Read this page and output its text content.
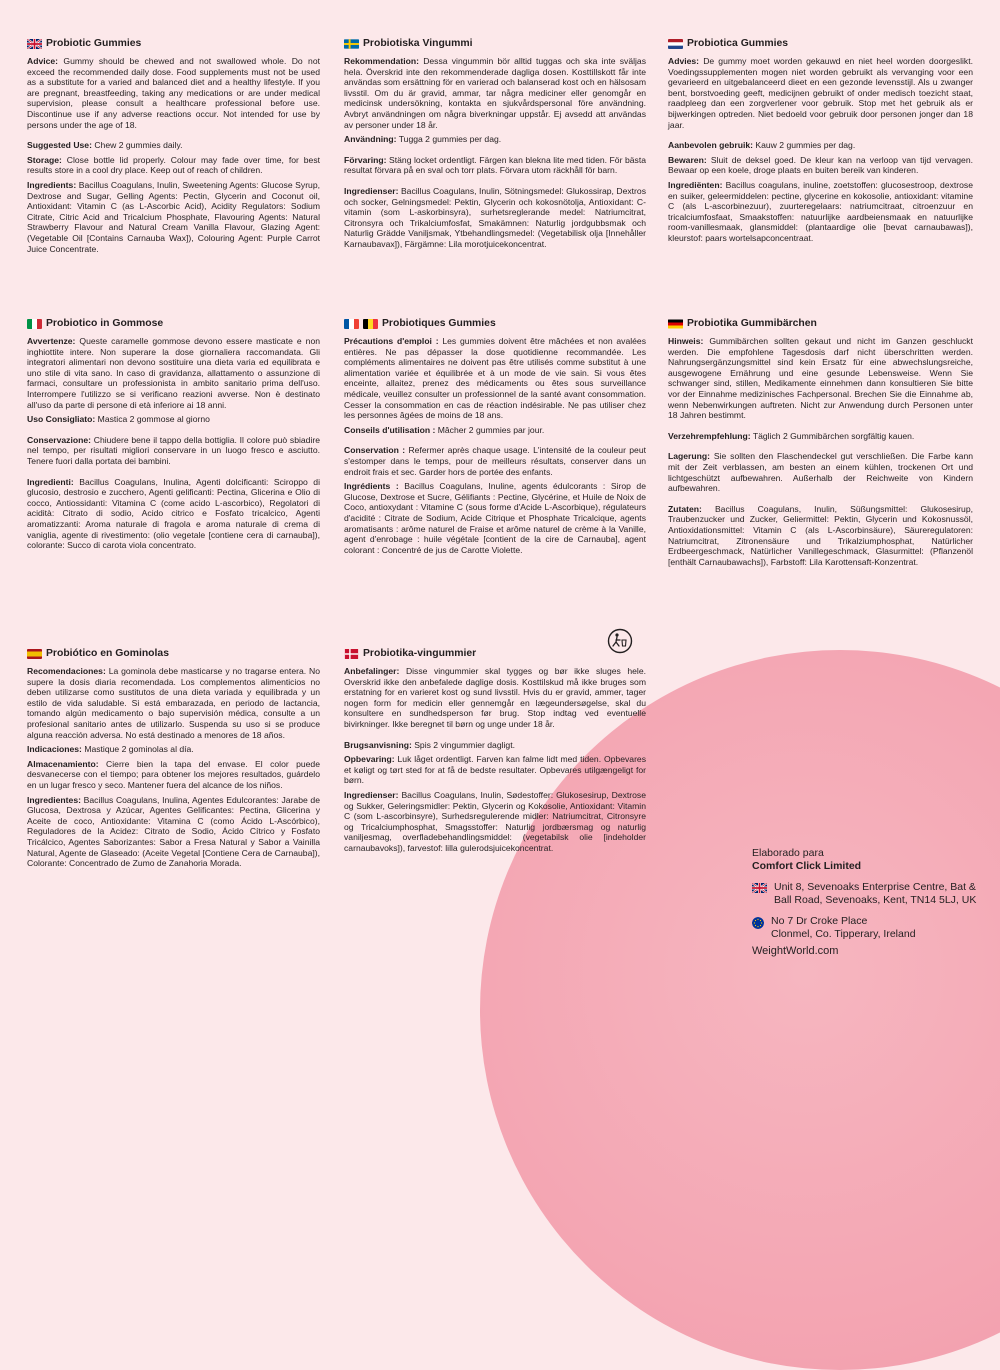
Probiotic Gummies

Advice: Gummy should be chewed and not swallowed whole. Do not exceed the recommended daily dose. Food supplements must not be used as a substitute for a varied and balanced diet and a healthy lifestyle. If you are pregnant, breastfeeding, taking any medications or are under medical supervision, please consult a healthcare professional before use. Discontinue use if any adverse reactions occur. Not intended for use by persons under the age of 18.

Suggested Use: Chew 2 gummies daily.

Storage: Close bottle lid properly. Colour may fade over time, for best results store in a cool dry place. Keep out of reach of children.

Ingredients: Bacillus Coagulans, Inulin, Sweetening Agents: Glucose Syrup, Dextrose and Sugar, Gelling Agents: Pectin, Glycerin and Coconut oil, Antioxidant: Vitamin C (as L-Ascorbic Acid), Acidity Regulators: Sodium Citrate, Citric Acid and Tricalcium Phosphate, Flavouring Agents: Natural Strawberry Flavour and Natural Cream Vanilla Flavour, Glazing Agent: (Vegetable Oil [Contains Carnauba Wax]), Colouring Agent: Purple Carrot Juice Concentrate.

Probiotiska Vingummi

Rekommendation: Dessa vingummin bör alltid tuggas och ska inte sväljas hela. Överskrid inte den rekommenderade dagliga dosen. Kosttillskott får inte användas som ersättning för en varierad och balanserad kost och en hälsosam livsstil. Om du är gravid, ammar, tar några mediciner eller genomgår en medicinsk undersökning, kontakta en sjukvårdspersonal före användning. Avbryt användningen om några biverkningar uppstår. Ej avsedd att användas av personer under 18 år.

Användning: Tugga 2 gummies per dag.

Förvaring: Stäng locket ordentligt. Färgen kan blekna lite med tiden. För bästa resultat förvara på en sval och torr plats. Förvara utom räckhåll för barn.

Ingredienser: Bacillus Coagulans, Inulin, Sötningsmedel: Glukossirap, Dextros och socker, Gelningsmedel: Pektin, Glycerin och kokosnötolja, Antioxidant: C-vitamin (som L-askorbinsyra), surhetsreglerande medel: Natriumcitrat, Citronsyra och Trikalciumfosfat, Smakämnen: Naturlig jordgubbsmak och Naturlig Grädde Vaniljsmak, Ytbehandlingsmedel: (Vegetabilisk olja [Innehåller Karnaubavax]), Färgämne: Lila morotjuicekoncentrat.

Probiotica Gummies

Advies: De gummy moet worden gekauwd en niet heel worden doorgeslikt. Voedingssupplementen mogen niet worden gebruikt als vervanging voor een gevarieerd en uitgebalanceerd dieet en een gezonde levensstijl. Als u zwanger bent, borstvoeding geeft, medicijnen gebruikt of onder medisch toezicht staat, raadpleeg dan een zorgverlener voor gebruik. Stop met het gebruik als er bijwerkingen optreden. Niet bedoeld voor gebruik door personen jonger dan 18 jaar.

Aanbevolen gebruik: Kauw 2 gummies per dag.

Bewaren: Sluit de deksel goed. De kleur kan na verloop van tijd vervagen. Bewaar op een koele, droge plaats en buiten bereik van kinderen.

Ingrediënten: Bacillus coagulans, inuline, zoetstoffen: glucosestroop, dextrose en suiker, geleermiddelen: pectine, glycerine en kokosolie, antioxidant: vitamine C (als L-ascorbinezuur), zuurteregelaars: natriumcitraat, citroenzuur en tricalciumfosfaat, Smaakstoffen: natuurlijke aardbeiensmaak en natuurlijke room-vanillesmaak, glansmiddel: (plantaardige olie [bevat carnaubawas]), kleurstof: paars wortelsapconcentraat.

Probiotico in Gommose

Avvertenze: Queste caramelle gommose devono essere masticate e non inghiottite intere. Non superare la dose giornaliera raccomandata. Gli integratori alimentari non devono sostituire una dieta varia ed equilibrata e uno stile di vita sano. In caso di gravidanza, allattamento o assunzione di farmaci, consultare un professionista in ambito sanitario prima dell'uso. Interrompere l'utilizzo se si verificano reazioni avverse. Non è destinato all'uso da parte di persone di età inferiore ai 18 anni.

Uso Consigliato: Mastica 2 gommose al giorno

Conservazione: Chiudere bene il tappo della bottiglia. Il colore può sbiadire nel tempo, per risultati migliori conservare in un luogo fresco e asciutto. Tenere fuori dalla portata dei bambini.

Ingredienti: Bacillus Coagulans, Inulina, Agenti dolcificanti: Sciroppo di glucosio, destrosio e zucchero, Agenti gelificanti: Pectina, Glicerina e Olio di cocco, Antiossidanti: Vitamina C (come acido L-ascorbico), Regolatori di acidità: Citrato di sodio, Acido citrico e Fosfato tricalcico, Agenti aromatizzanti: Aroma naturale di fragola e aroma naturale di crema di vaniglia, agente di rivestimento: (olio vegetale [contiene cera di carnauba]), colorante: Succo di carota viola concentrato.

Probiotiques Gummies

Précautions d'emploi : Les gummies doivent être mâchées et non avalées entières. Ne pas dépasser la dose quotidienne recommandée. Les compléments alimentaires ne doivent pas être utilisés comme substitut à une alimentation variée et équilibrée et à un mode de vie sain. Si vous êtes enceinte, allaitez, prenez des médicaments ou êtes sous surveillance médicale, veuillez consulter un professionnel de la santé avant consommation. Cesser la consommation en cas de réaction indésirable. Ne pas utiliser chez les personnes âgées de moins de 18 ans.

Conseils d'utilisation : Mâcher 2 gummies par jour.

Conservation : Refermer après chaque usage. L'intensité de la couleur peut s'estomper dans le temps, pour de meilleurs résultats, conserver dans un endroit frais et sec. Garder hors de portée des enfants.

Ingrédients : Bacillus Coagulans, Inuline, agents édulcorants : Sirop de Glucose, Dextrose et Sucre, Gélifiants : Pectine, Glycérine, et Huile de Noix de Coco, antioxydant : Vitamine C (sous forme d'Acide L-Ascorbique), régulateurs d'acidité : Citrate de Sodium, Acide Citrique et Phosphate Tricalcique, agents aromatisants : arôme naturel de Fraise et arôme naturel de crème à la Vanille, agent d'enrobage : huile végétale [contient de la cire de Carnauba], agent colorant : Concentré de jus de Carotte Violette.

Probiotika Gummibärchen

Hinweis: Gummibärchen sollten gekaut und nicht im Ganzen geschluckt werden. Die empfohlene Tagesdosis darf nicht überschritten werden. Nahrungsergänzungsmittel sind kein Ersatz für eine abwechslungsreiche, ausgewogene Ernährung und eine gesunde Lebensweise. Wenn Sie schwanger sind, stillen, Medikamente einnehmen dann konsultieren Sie bitte vor der Einnahme medizinisches Fachpersonal. Brechen Sie die Einnahme ab, wenn Nebenwirkungen auftreten. Nicht zur Anwendung durch Personen unter 18 Jahren bestimmt.

Verzehrempfehlung: Täglich 2 Gummibärchen sorgfältig kauen.

Lagerung: Sie sollten den Flaschendeckel gut verschließen. Die Farbe kann mit der Zeit verblassen, am besten an einem kühlen, trockenen Ort und lichtgeschützt aufbewahren. Außerhalb der Reichweite von Kindern aufbewahren.

Zutaten: Bacillus Coagulans, Inulin, Süßungsmittel: Glukosesirup, Traubenzucker und Zucker, Geliermittel: Pektin, Glycerin und Kokosnussöl, Antioxidationsmittel: Vitamin C (als L-Ascorbinsäure), Säureregulatoren: Natriumcitrat, Zitronensäure und Trikalziumphosphat, Natürlicher Erdbeergeschmack, Natürlicher Vanillegeschmack, Glasurmittel: (Pflanzenöl [enthält Carnaubawachs]), Farbstoff: Lila Karottensaft-Konzentrat.

Probiótico en Gominolas

Recomendaciones: La gominola debe masticarse y no tragarse entera. No supere la dosis diaria recomendada. Los complementos alimenticios no deben utilizarse como sustitutos de una dieta variada y equilibrada y un estilo de vida saludable. Si está embarazada, en periodo de lactancia, tomando algún medicamento o bajo supervisión médica, consulte a un profesional sanitario antes de utilizarlo. Suspenda su uso si se produce alguna reacción adversa. No está destinado a menores de 18 años.

Indicaciones: Mastique 2 gominolas al día.

Almacenamiento: Cierre bien la tapa del envase. El color puede desvanecerse con el tiempo; para obtener los mejores resultados, guárdelo en un lugar fresco y seco. Mantener fuera del alcance de los niños.

Ingredientes: Bacillus Coagulans, Inulina, Agentes Edulcorantes: Jarabe de Glucosa, Dextrosa y Azúcar, Agentes Gelificantes: Pectina, Glicerina y Aceite de coco, Antioxidante: Vitamina C (como Ácido L-Ascórbico), Reguladores de la Acidez: Citrato de Sodio, Ácido Cítrico y Fosfato Tricálcico, Agentes Saborizantes: Sabor a Fresa Natural y Sabor a Vainilla Natural, Agente de Glaseado: (Aceite Vegetal [Contiene Cera de Carnauba]), Colorante: Concentrado de Zumo de Zanahoria Morada.

Probiotika-vingummier

Anbefalinger: Disse vingummier skal tygges og bør ikke sluges hele. Overskrid ikke den anbefalede daglige dosis. Kosttilskud må ikke bruges som erstatning for en varieret kost og sund livsstil. Hvis du er gravid, ammer, tager nogen form for medicin eller gennemgår en lægeundersøgelse, skal du konsultere en sundhedsperson før brug. Stop indtag ved eventuelle bivirkninger. Ikke beregnet til børn og unge under 18 år.

Brugsanvisning: Spis 2 vingummier dagligt.

Opbevaring: Luk låget ordentligt. Farven kan falme lidt med tiden. Opbevares et køligt og tørt sted for at få de bedste resultater. Opbevares utilgængeligt for børn.

Ingredienser: Bacillus Coagulans, Inulin, Sødestoffer: Glukosesirup, Dextrose og Sukker, Geleringsmidler: Pektin, Glycerin og Kokosolie, Antioxidant: Vitamin C (som L-ascorbinsyre), Surhedsregulerende midler: Natriumcitrat, Citronsyre og Tricalciumphosphat, Smagsstoffer: Naturlig jordbærsmag og naturlig vaniljesmag, overfladebehandlingsmiddel: (vegetabilsk olie [indeholder carnaubavoks]), farvestof: lilla gulerodsjuicekoncentrat.	Elaborado para
Comfort Click Limited
Unit 8, Sevenoaks Enterprise Centre, Bat & Ball Road, Sevenoaks, Kent, TN14 5LJ, UK
No 7 Dr Croke Place
Clonmel, Co. Tipperary, Ireland
WeightWorld.com
